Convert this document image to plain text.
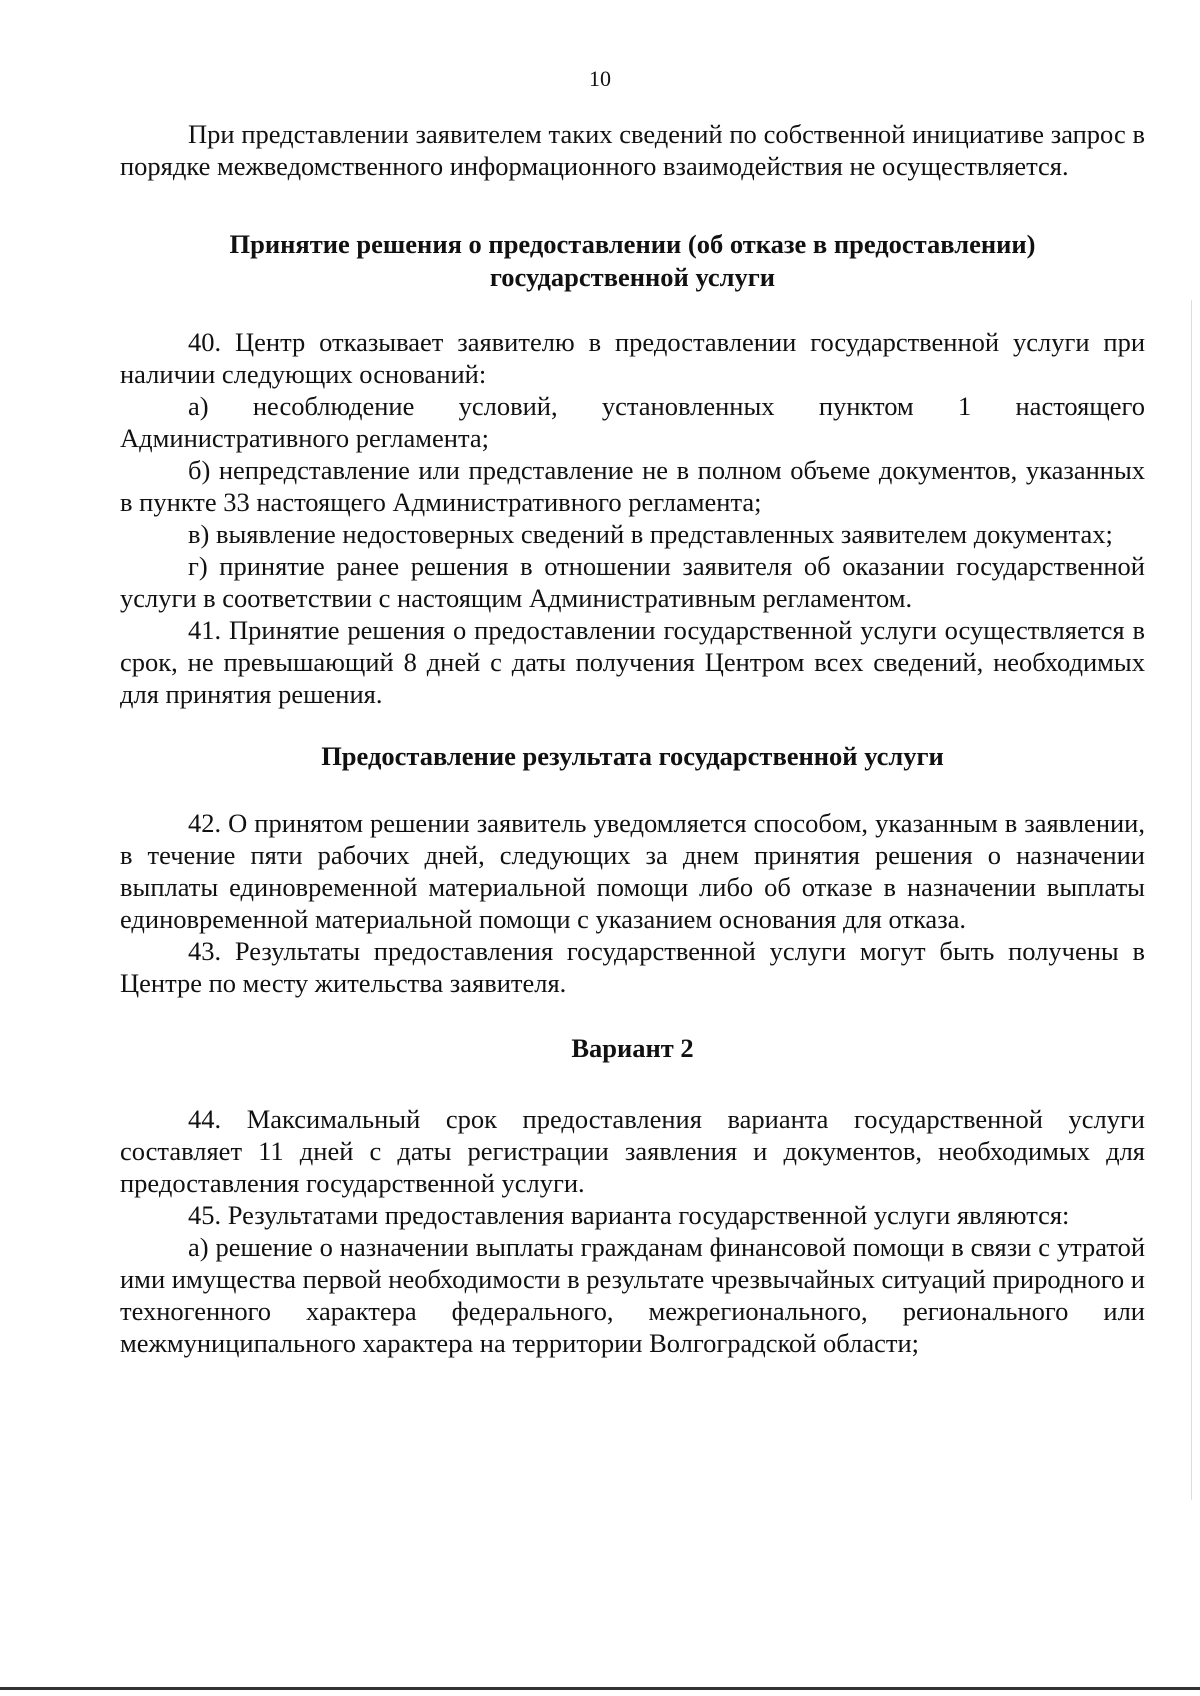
10

При представлении заявителем таких сведений по собственной инициативе запрос в порядке межведомственного информационного взаимодействия не осуществляется.

Принятие решения о предоставлении (об отказе в предоставлении)
государственной услуги

40. Центр отказывает заявителю в предоставлении государственной услуги при наличии следующих оснований:

а) несоблюдение условий, установленных пунктом 1 настоящего Административного регламента;

б) непредставление или представление не в полном объеме документов, указанных в пункте 33 настоящего Административного регламента;

в) выявление недостоверных сведений в представленных заявителем документах;

г) принятие ранее решения в отношении заявителя об оказании государственной услуги в соответствии с настоящим Административным регламентом.

41. Принятие решения о предоставлении государственной услуги осуществляется в срок, не превышающий 8 дней с даты получения Центром всех сведений, необходимых для принятия решения.

Предоставление результата государственной услуги

42. О принятом решении заявитель уведомляется способом, указанным в заявлении, в течение пяти рабочих дней, следующих за днем принятия решения о назначении выплаты единовременной материальной помощи либо об отказе в назначении выплаты единовременной материальной помощи с указанием основания для отказа.

43. Результаты предоставления государственной услуги могут быть получены в Центре по месту жительства заявителя.

Вариант 2

44. Максимальный срок предоставления варианта государственной услуги составляет 11 дней с даты регистрации заявления и документов, необходимых для предоставления государственной услуги.

45. Результатами предоставления варианта государственной услуги являются:

а) решение о назначении выплаты гражданам финансовой помощи в связи с утратой ими имущества первой необходимости в результате чрезвычайных ситуаций природного и техногенного характера федерального, межрегионального, регионального или межмуниципального характера на территории Волгоградской области;
